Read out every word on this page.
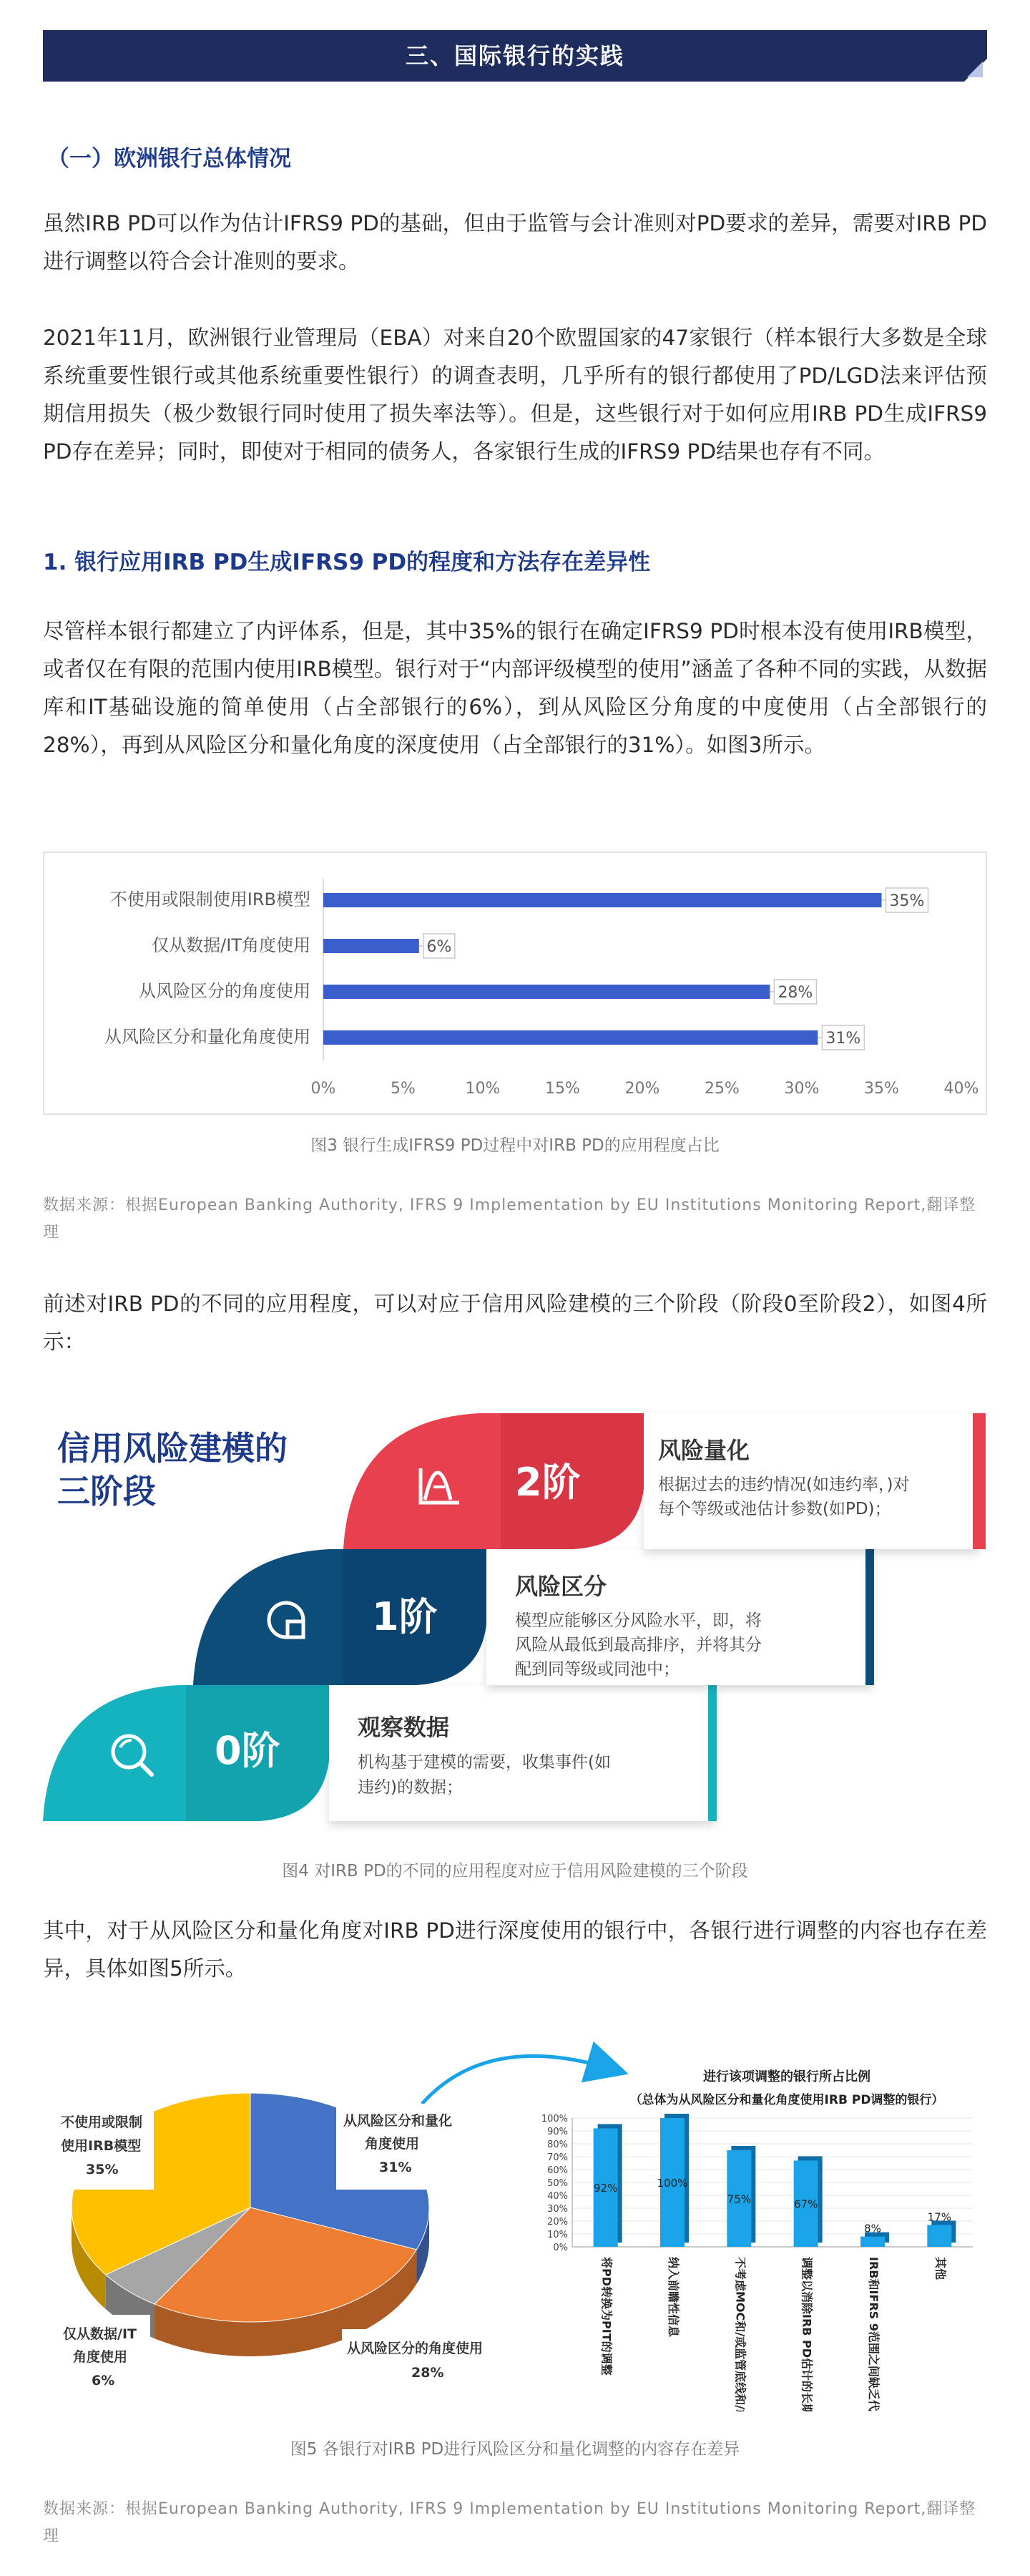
三、国际银行的实践
（一）欧洲银行总体情况
虽然IRB PD可以作为估计IFRS9 PD的基础，但由于监管与会计准则对PD要求的差异，需要对IRB PD进行调整以符合会计准则的要求。
2021年11月，欧洲银行业管理局（EBA）对来自20个欧盟国家的47家银行（样本银行大多数是全球系统重要性银行或其他系统重要性银行）的调查表明，几乎所有的银行都使用了PD/LGD法来评估预期信用损失（极少数银行同时使用了损失率法等）。但是，这些银行对于如何应用IRB PD生成IFRS9 PD存在差异；同时，即使对于相同的债务人，各家银行生成的IFRS9 PD结果也存有不同。
1. 银行应用IRB PD生成IFRS9 PD的程度和方法存在差异性
尽管样本银行都建立了内评体系，但是，其中35%的银行在确定IFRS9 PD时根本没有使用IRB模型，或者仅在有限的范围内使用IRB模型。银行对于“内部评级模型的使用”涵盖了各种不同的实践，从数据库和IT基础设施的简单使用（占全部银行的6%），到从风险区分角度的中度使用（占全部银行的28%），再到从风险区分和量化角度的深度使用（占全部银行的31%）。如图3所示。
不使用或限制使用IRB模型	35%
仅从数据/IT角度使用	6%
从风险区分的角度使用	28%
从风险区分和量化角度使用	31%
0%	5%	10%	15%	20%	25%	30%	35%	40%
图3 银行生成IFRS9 PD过程中对IRB PD的应用程度占比
数据来源：根据European Banking Authority, IFRS 9 Implementation by EU Institutions Monitoring Report,翻译整理
前述对IRB PD的不同的应用程度，可以对应于信用风险建模的三个阶段（阶段0至阶段2），如图4所示：
信用风险建模的
三阶段
0阶
观察数据
机构基于建模的需要，收集事件(如
违约)的数据；
1阶
风险区分
模型应能够区分风险水平，即，将
风险从最低到最高排序，并将其分
配到同等级或同池中；
2阶
风险量化
根据过去的违约情况(如违约率，)对
每个等级或池估计参数(如PD)；
图4 对IRB PD的不同的应用程度对应于信用风险建模的三个阶段
其中，对于从风险区分和量化角度对IRB PD进行深度使用的银行中，各银行进行调整的内容也存在差异，具体如图5所示。
从风险区分和量化
角度使用
31%
从风险区分的角度使用
28%
仅从数据/IT
角度使用
6%
不使用或限制
使用IRB模型
35%
进行该项调整的银行所占比例
（总体为从风险区分和量化角度使用IRB PD调整的银行）
0%
10%
20%
30%
40%
50%
60%
70%
80%
90%
100%
92%
将PD转换为PIT的调整
100%
纳入前瞻性信息
75%
不考虑MOC和/或监管底线和/或监管附加项
67%
调整以消除IRB PD估计的长期平均性质
8%
IRB和IFRS 9范围之间缺乏代表性
17%
其他
图5 各银行对IRB PD进行风险区分和量化调整的内容存在差异
数据来源：根据European Banking Authority, IFRS 9 Implementation by EU Institutions Monitoring Report,翻译整理
